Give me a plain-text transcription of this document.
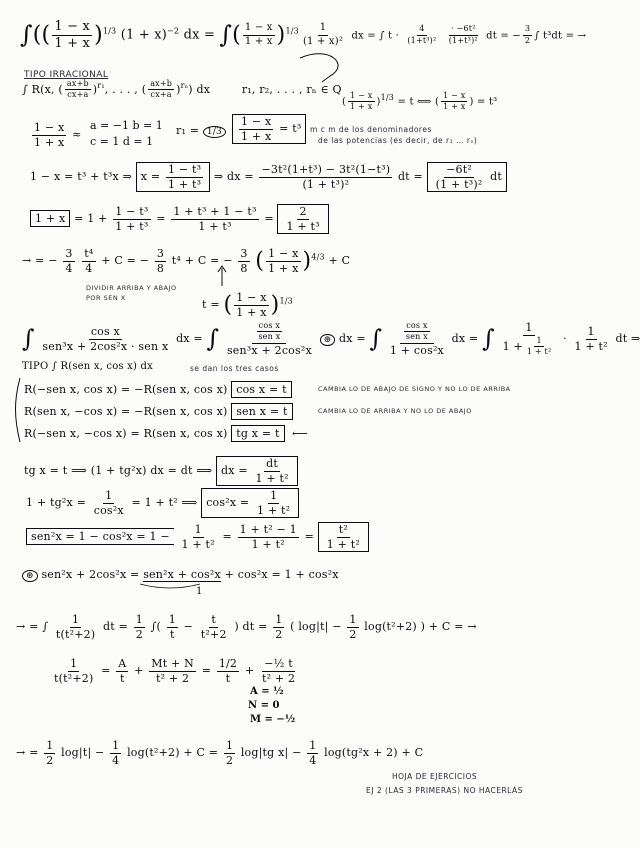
∫(( $\frac{1 - x}{1 + x} )^{1/3}$ $(1 + x)^{-2}$ dx = ∫( $\frac{1 - x}{1 + x} )^{1/3} \frac{1}{\text{(1 + x)²}}$ dx = ∫ $t \cdot \frac{4}{\text{(1+t³)²}}$
$\frac{\text{· −6t²}}{\text{(1+t³)²}}$ dt = − $\frac{3}{2}$ ∫ t³dt = →
TIPO IRRACIONAL
∫ R(x, ( $\frac{ax+b}{cx+a} )^{r_1}$, . . . , ( $\frac{ax+b}{cx+a} )^{r_n}$) dx	r₁, r₂, . . . , rₙ ∈ Q
( $\frac{1 - x}{1 + x} )^{1/3} = t$ ⟺ ( $\frac{1 - x}{1 + x}$ ) = t³
$\frac{1 - x}{1 + x}$ ≈
a = −1 b = 1
c = 1 d = 1
r₁ = 1/3	$\frac{1 - x}{1 + x} = t^3$	m c m de los denominadores
de las potencias (es decir, de r₁ … rₙ)
1 − x = t³ + t³x ⇒ $x = \frac{\text{1 − t³}}{\text{1 + t³}}$ ⇒ dx = $\frac{\text{−3t²(1+t³) − 3t²(1−t³)}}{\text{(1 + t³)²}}$ dt = $\frac{\text{−6t²}}{\text{(1 + t³)²}}$ dt
$1 + x = 1 + \frac{\text{1 − t³}}{\text{1 + t³}} = \frac{\text{1 + t³ + 1 − t³}}{\text{1 + t³}} = \frac{2}{\text{1 + t³}}$
→ = − $\frac{3}{4}$
$\frac{\text{t⁴}}{4} + C$ = − $\frac{3}{8} t^4 + C$ = − $\frac{3}{8}$ ( $\frac{1 - x}{1 + x} )^{4/3} + C$
t = ( $\frac{1 - x}{1 + x} )^{1/3}$
DIVIDIR ARRIBA Y ABAJO
POR SEN X
∫ $\frac{\text{cos x}}{\text{sen³x + 2cos²x · sen x}}$ dx = ∫ $\frac{\frac{\text{cos x}}{\text{sen x}}}{\text{sen³x + 2cos²x}}$ ⊛ dx = ∫ $\frac{\frac{\text{cos x}}{\text{sen x}}}{\text{1 + cos²x}}$ dx = ∫ $\frac{1}{1 + \frac{1}{\text{1 + t²}}} \cdot \frac{1}{\text{1 + t²}}$ dt ⇒
TIPO ∫ R(sen x, cos x) dx	se dan los tres casos
R(−sen x, cos x) = −R(sen x, cos x) cos x = t	CAMBIA LO DE ABAJO DE SIGNO Y NO LO DE ARRIBA
R(sen x, −cos x) = −R(sen x, cos x) sen x = t	CAMBIA LO DE ARRIBA Y NO LO DE ABAJO
R(−sen x, −cos x) = R(sen x, cos x) tg x = t  ⟵
tg x = t ⟹ (1 + tg²x) dx = dt ⟹ dx = $\frac{dt}{\text{1 + t²}}$
$1 + tg^2x = \frac{1}{\text{cos²x}} = 1 + t^2$ ⟹ $\cos^2x = \frac{1}{\text{1 + t²}}$
$sen^2x = 1 - \cos^2x = 1 - \frac{1}{\text{1 + t²}} = \frac{\text{1 + t² − 1}}{\text{1 + t²}} = \frac{\text{t²}}{\text{1 + t²}}$
⊛ sen²x + 2cos²x = sen²x + cos²x + cos²x = 1 + cos²x
1
→ = ∫ $\frac{1}{\text{t(t²+2)}}$ dt = $\frac{1}{2}$ ∫( $\frac{1}{t} - \frac{t}{\text{t²+2}}$ ) dt = $\frac{1}{2}$ ( $\log|t| - \frac{1}{2} \log(t^2+2)$ ) + C = →
$\frac{1}{\text{t(t²+2)}} = \frac{A}{t} + \frac{Mt + N}{\text{t² + 2}} = \frac{1/2}{t} + \frac{\text{−½ t}}{\text{t² + 2}}$
A = ½
N = 0
M = −½
→ = $\frac{1}{2} \log|t| - \frac{1}{4} \log(t^2+2) + C = \frac{1}{2} \log|tg$ $x| - \frac{1}{4} \log(tg^2x + 2) + C$
HOJA DE EJERCICIOS
EJ 2 (LAS 3 PRIMERAS) NO HACERLAS
